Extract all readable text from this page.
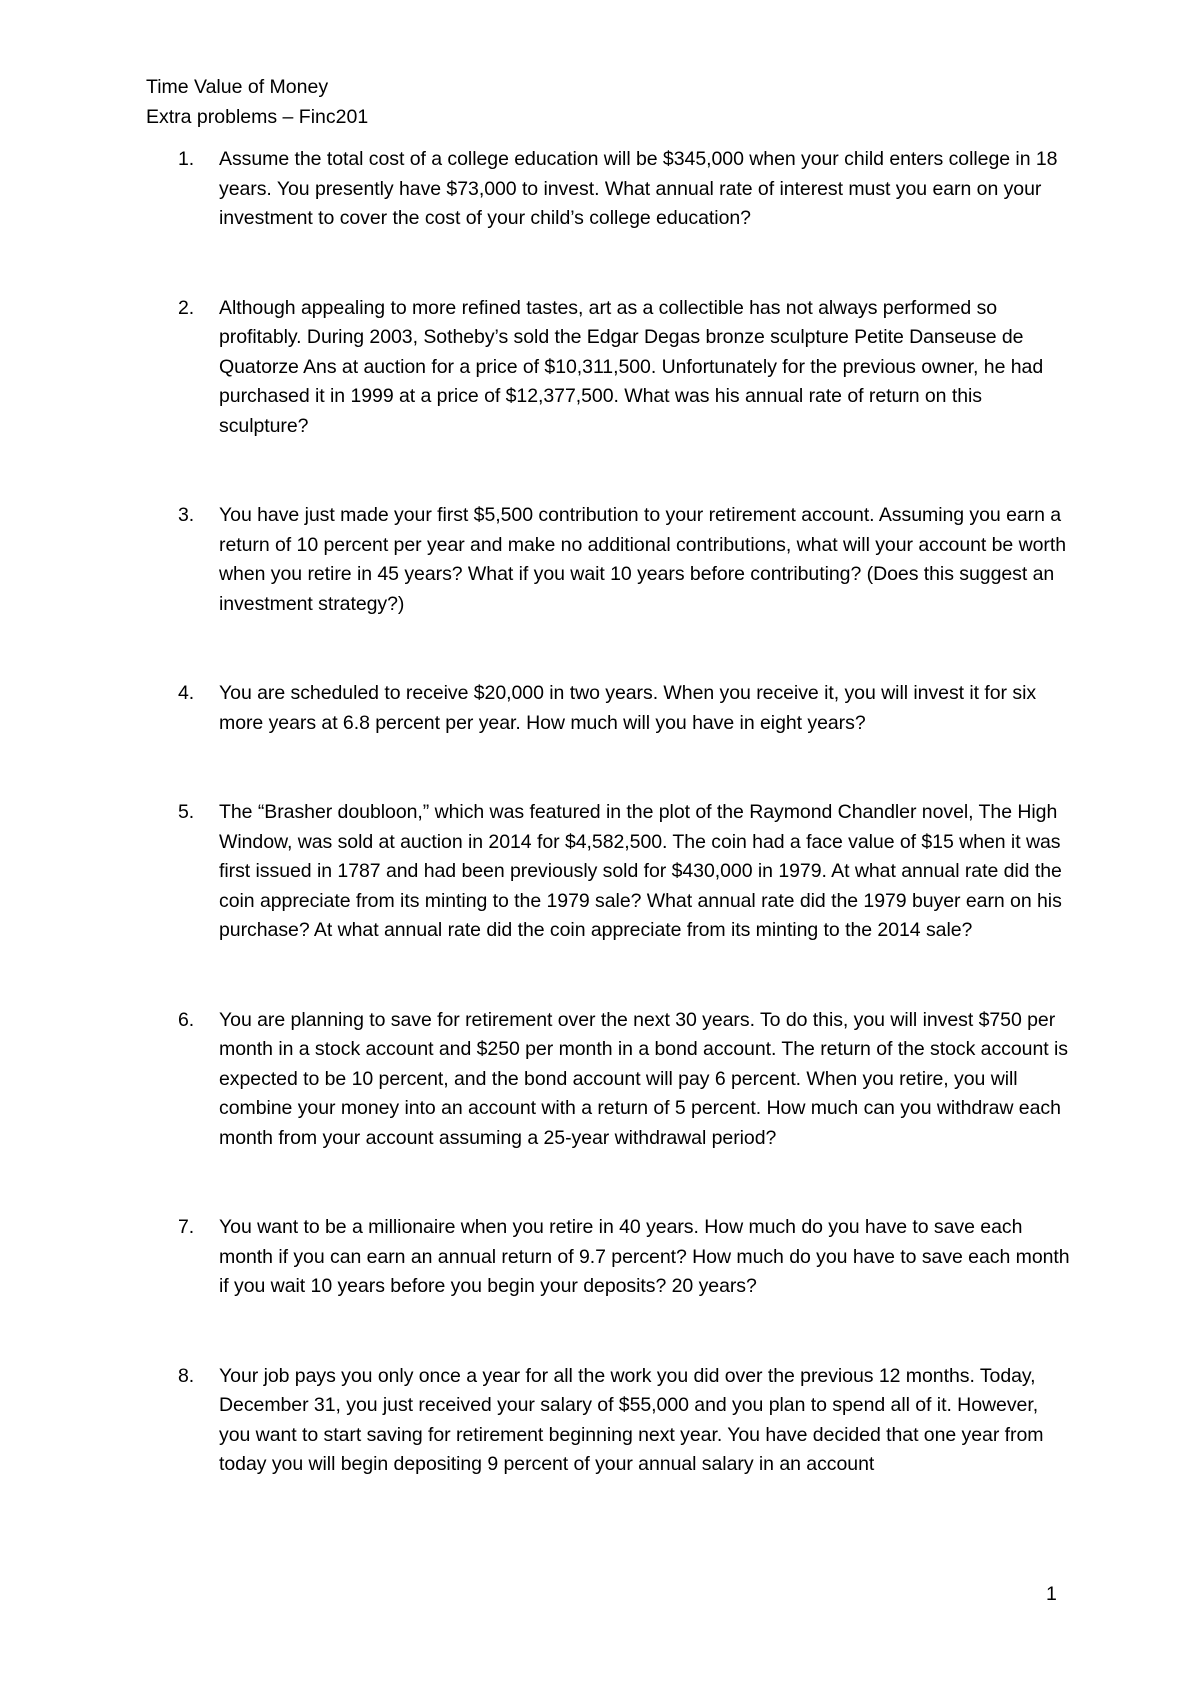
Time Value of Money
Extra problems – Finc201
1.	Assume the total cost of a college education will be $345,000 when your child enters college in 18 years. You presently have $73,000 to invest. What annual rate of interest must you earn on your investment to cover the cost of your child’s college education?
2.	Although appealing to more refined tastes, art as a collectible has not always performed so profitably. During 2003, Sotheby’s sold the Edgar Degas bronze sculpture Petite Danseuse de Quatorze Ans at auction for a price of $10,311,500. Unfortunately for the previous owner, he had purchased it in 1999 at a price of $12,377,500. What was his annual rate of return on this sculpture?
3.	You have just made your first $5,500 contribution to your retirement account. Assuming you earn a return of 10 percent per year and make no additional contributions, what will your account be worth when you retire in 45 years? What if you wait 10 years before contributing? (Does this suggest an investment strategy?)
4.	You are scheduled to receive $20,000 in two years. When you receive it, you will invest it for six more years at 6.8 percent per year. How much will you have in eight years?
5.	The “Brasher doubloon,” which was featured in the plot of the Raymond Chandler novel, The High Window, was sold at auction in 2014 for $4,582,500. The coin had a face value of $15 when it was first issued in 1787 and had been previously sold for $430,000 in 1979. At what annual rate did the coin appreciate from its minting to the 1979 sale? What annual rate did the 1979 buyer earn on his purchase? At what annual rate did the coin appreciate from its minting to the 2014 sale?
6.	You are planning to save for retirement over the next 30 years. To do this, you will invest $750 per month in a stock account and $250 per month in a bond account. The return of the stock account is expected to be 10 percent, and the bond account will pay 6 percent. When you retire, you will combine your money into an account with a return of 5 percent. How much can you withdraw each month from your account assuming a 25-year withdrawal period?
7.	You want to be a millionaire when you retire in 40 years. How much do you have to save each month if you can earn an annual return of 9.7 percent? How much do you have to save each month if you wait 10 years before you begin your deposits? 20 years?
8.	Your job pays you only once a year for all the work you did over the previous 12 months. Today, December 31, you just received your salary of $55,000 and you plan to spend all of it. However, you want to start saving for retirement beginning next year. You have decided that one year from today you will begin depositing 9 percent of your annual salary in an account
1
